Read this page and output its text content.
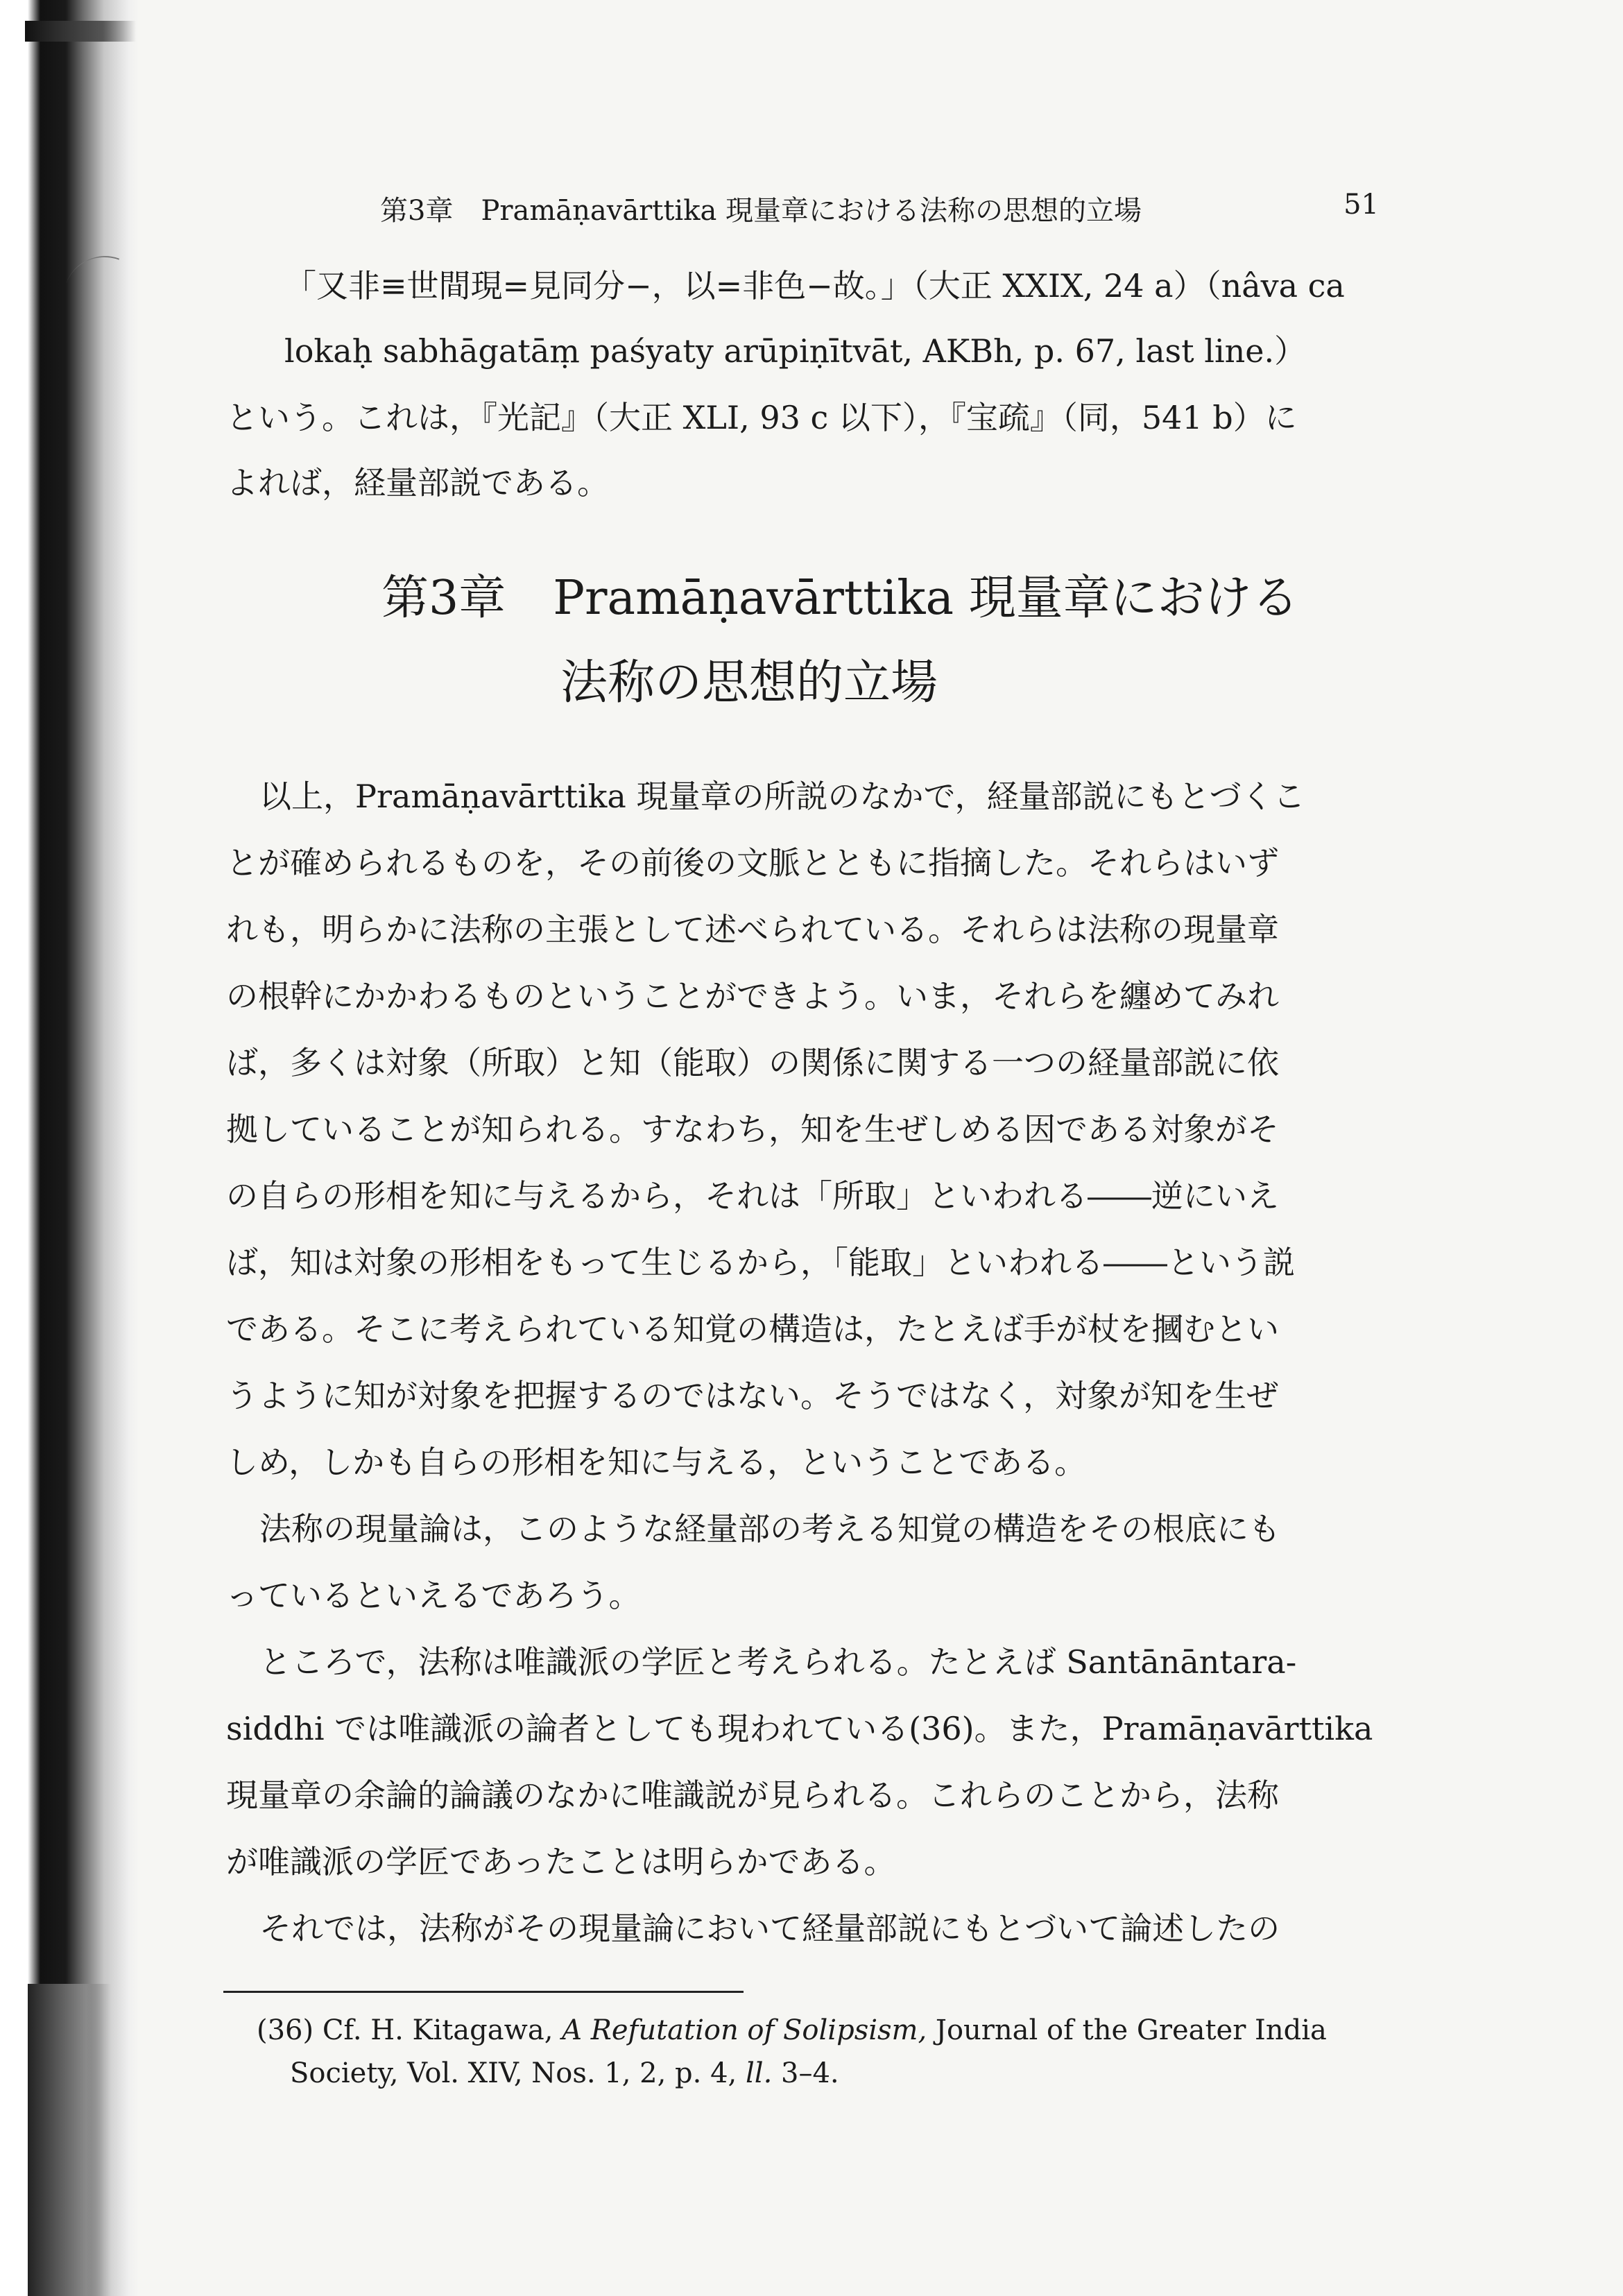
第3章　Pramāṇavārttika 現量章における法称の思想的立場	51
「又非≡世間現=見同分−，以=非色−故。」（大正 XXIX, 24 a）（nâva ca
lokaḥ sabhāgatāṃ paśyaty arūpiṇītvāt, AKBh, p. 67, last line.）
という。これは，『光記』（大正 XLI, 93 c 以下），『宝疏』（同，541 b）に
よれば，経量部説である。
第3章　Pramāṇavārttika 現量章における
法称の思想的立場
以上，Pramāṇavārttika 現量章の所説のなかで，経量部説にもとづくこ
とが確められるものを，その前後の文脈とともに指摘した。それらはいず
れも，明らかに法称の主張として述べられている。それらは法称の現量章
の根幹にかかわるものということができよう。いま，それらを纏めてみれ
ば，多くは対象（所取）と知（能取）の関係に関する一つの経量部説に依
拠していることが知られる。すなわち，知を生ぜしめる因である対象がそ
の自らの形相を知に与えるから，それは「所取」といわれる――逆にいえ
ば，知は対象の形相をもって生じるから，「能取」といわれる――という説
である。そこに考えられている知覚の構造は，たとえば手が杖を摑むとい
うように知が対象を把握するのではない。そうではなく，対象が知を生ぜ
しめ，しかも自らの形相を知に与える，ということである。
法称の現量論は，このような経量部の考える知覚の構造をその根底にも
っているといえるであろう。
ところで，法称は唯識派の学匠と考えられる。たとえば Santānāntara-
siddhi では唯識派の論者としても現われている(36)。また，Pramāṇavārttika
現量章の余論的論議のなかに唯識説が見られる。これらのことから，法称
が唯識派の学匠であったことは明らかである。
それでは，法称がその現量論において経量部説にもとづいて論述したの
(36) Cf. H. Kitagawa, A Refutation of Solipsism, Journal of the Greater India
Society, Vol. XIV, Nos. 1, 2, p. 4, ll. 3–4.
